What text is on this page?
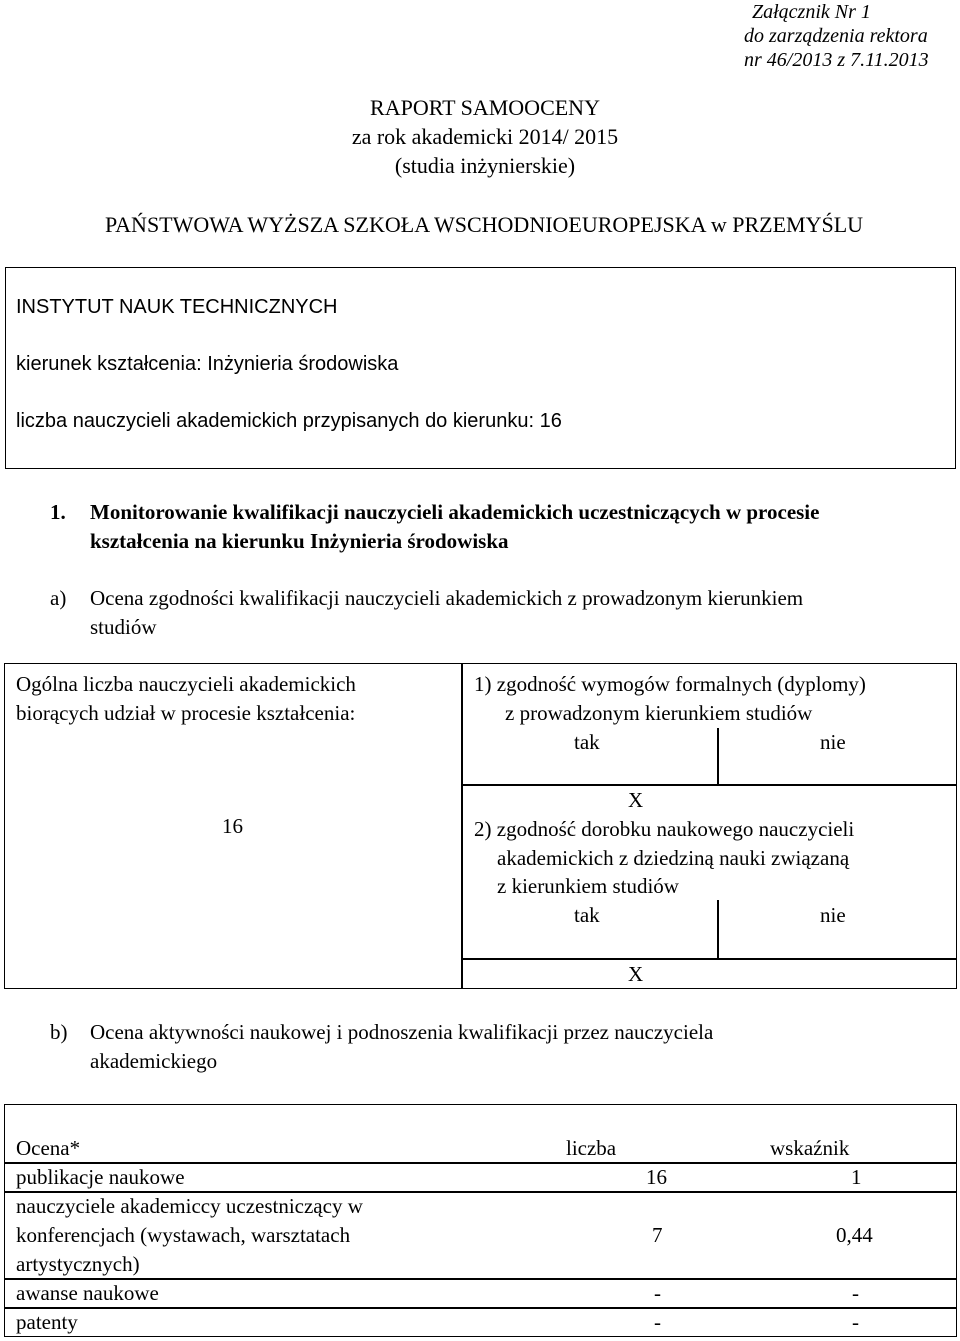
Załącznik Nr 1
do zarządzenia rektora
nr 46/2013 z 7.11.2013
RAPORT SAMOOCENY
za rok akademicki 2014/ 2015
(studia inżynierskie)
PAŃSTWOWA WYŻSZA SZKOŁA WSCHODNIOEUROPEJSKA w PRZEMYŚLU
INSTYTUT NAUK TECHNICZNYCH
kierunek kształcenia: Inżynieria środowiska
liczba nauczycieli akademickich przypisanych do kierunku: 16
1. Monitorowanie kwalifikacji nauczycieli akademickich uczestniczących w procesie
kształcenia na kierunku Inżynieria środowiska
a) Ocena zgodności kwalifikacji nauczycieli akademickich z prowadzonym kierunkiem
studiów
Ogólna liczba nauczycieli akademickich
biorących udział w procesie kształcenia:
16
1) zgodność wymogów formalnych (dyplomy)
z prowadzonym kierunkiem studiów
tak	nie
X
2) zgodność dorobku naukowego nauczycieli
akademickich z dziedziną nauki związaną
z kierunkiem studiów
tak	nie
X
b) Ocena aktywności naukowej i podnoszenia kwalifikacji przez nauczyciela
akademickiego
Ocena*	liczba	wskaźnik
publikacje naukowe	16	1
nauczyciele akademiccy uczestniczący w
konferencjach (wystawach, warsztatach
artystycznych)
7	0,44
awanse naukowe	-	-
patenty	-	-
